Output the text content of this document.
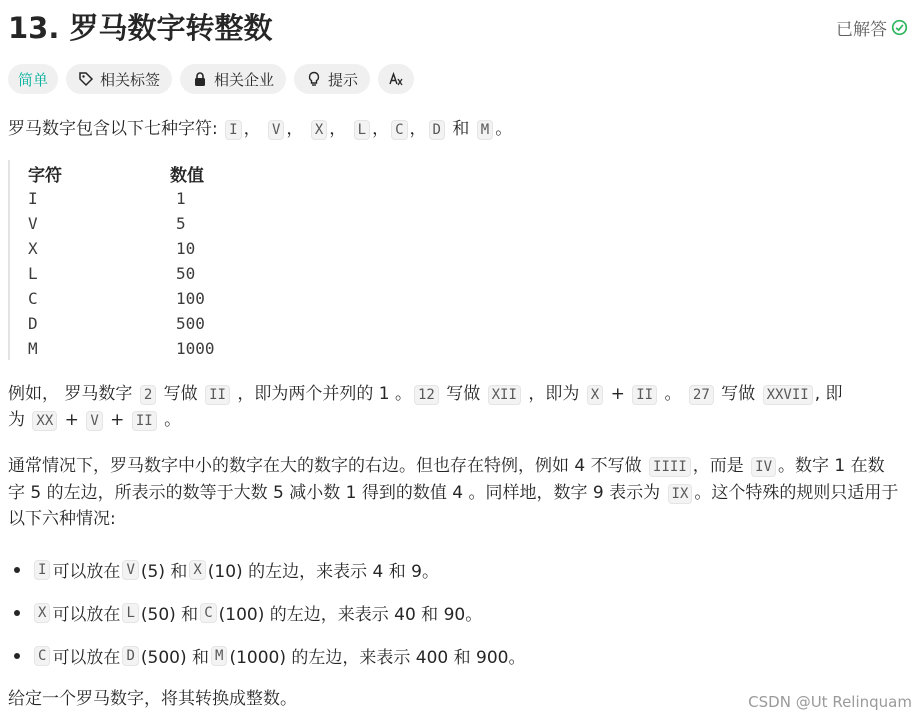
13. 罗马数字转整数	已解答
简单	相关标签	相关企业	提示
罗马数字包含以下七种字符: I ， V ， X ， L ， C ， D 和 M 。
字符	数值
I	1
V	5
X	10
L	50
C	100
D	500
M	1000
例如， 罗马数字 2 写做 II ，即为两个并列的 1 。 12 写做 XII ，即为 X + II 。 27 写做 XXVII , 即
为 XX + V + II 。
通常情况下，罗马数字中小的数字在大的数字的右边。但也存在特例，例如 4 不写做 IIII ，而是 IV 。数字 1 在数
字 5 的左边，所表示的数等于大数 5 减小数 1 得到的数值 4 。同样地，数字 9 表示为 IX 。这个特殊的规则只适用于
以下六种情况:
I 可以放在 V (5) 和 X (10) 的左边，来表示 4 和 9。
X 可以放在 L (50) 和 C (100) 的左边，来表示 40 和 90。
C 可以放在 D (500) 和 M (1000) 的左边，来表示 400 和 900。
给定一个罗马数字，将其转换成整数。	CSDN @Ut Relinquam
